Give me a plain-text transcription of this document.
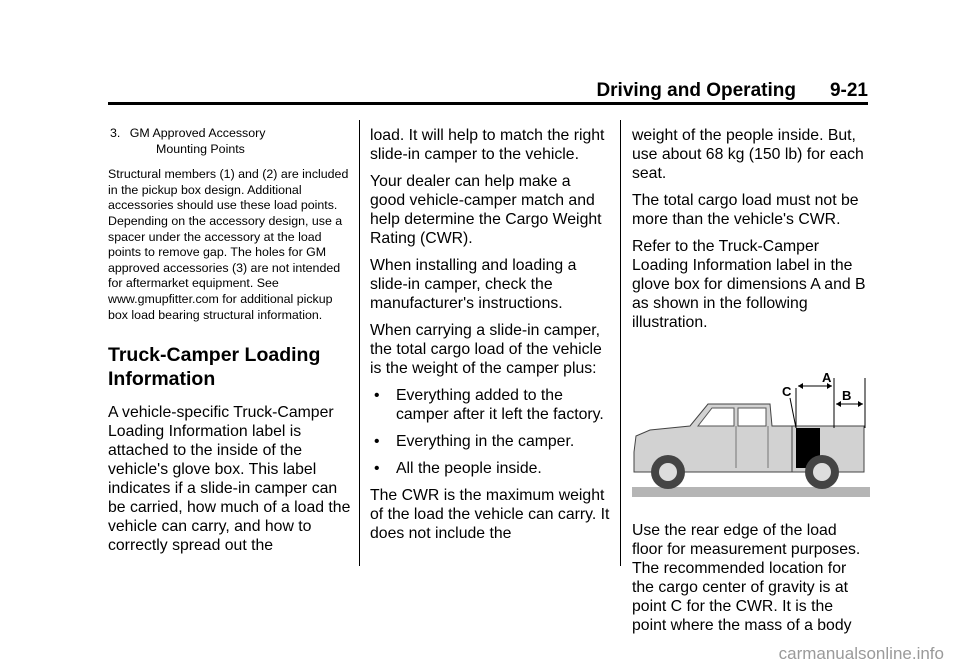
Driving and Operating 9-21

3. GM Approved Accessory
Mounting Points

Structural members (1) and (2) are included in the pickup box design. Additional accessories should use these load points. Depending on the accessory design, use a spacer under the accessory at the load points to remove gap. The holes for GM approved accessories (3) are not intended for aftermarket equipment. See www.gmupfitter.com for additional pickup box load bearing structural information.

Truck-Camper Loading Information

A vehicle-specific Truck-Camper Loading Information label is attached to the inside of the vehicle's glove box. This label indicates if a slide-in camper can be carried, how much of a load the vehicle can carry, and how to correctly spread out the

load. It will help to match the right slide-in camper to the vehicle.

Your dealer can help make a good vehicle-camper match and help determine the Cargo Weight Rating (CWR).

When installing and loading a slide-in camper, check the manufacturer's instructions.

When carrying a slide-in camper, the total cargo load of the vehicle is the weight of the camper plus:

•	Everything added to the camper after it left the factory.
•	Everything in the camper.
•	All the people inside.

The CWR is the maximum weight of the load the vehicle can carry. It does not include the

weight of the people inside. But, use about 68 kg (150 lb) for each seat.

The total cargo load must not be more than the vehicle's CWR.

Refer to the Truck-Camper Loading Information label in the glove box for dimensions A and B as shown in the following illustration.

C
A
B

Use the rear edge of the load floor for measurement purposes. The recommended location for the cargo center of gravity is at point C for the CWR. It is the point where the mass of a body

carmanualsonline.info
